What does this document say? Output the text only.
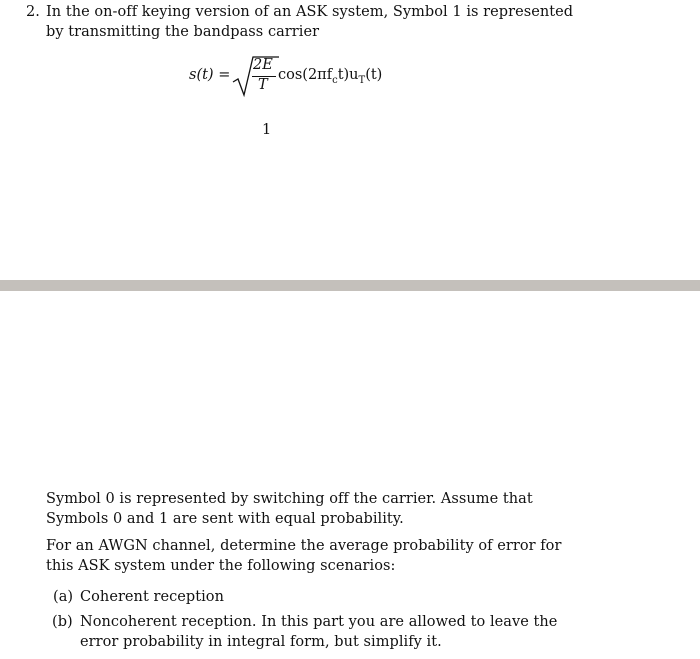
2. In the on-off keying version of an ASK system, Symbol 1 is represented
by transmitting the bandpass carrier
s(t) =
2E
T
$\cos(2\pi f_ct)u_T(t)$
1
Symbol 0 is represented by switching off the carrier. Assume that
Symbols 0 and 1 are sent with equal probability.
For an AWGN channel, determine the average probability of error for
this ASK system under the following scenarios:
(a) Coherent reception
(b) Noncoherent reception. In this part you are allowed to leave the
error probability in integral form, but simplify it.
